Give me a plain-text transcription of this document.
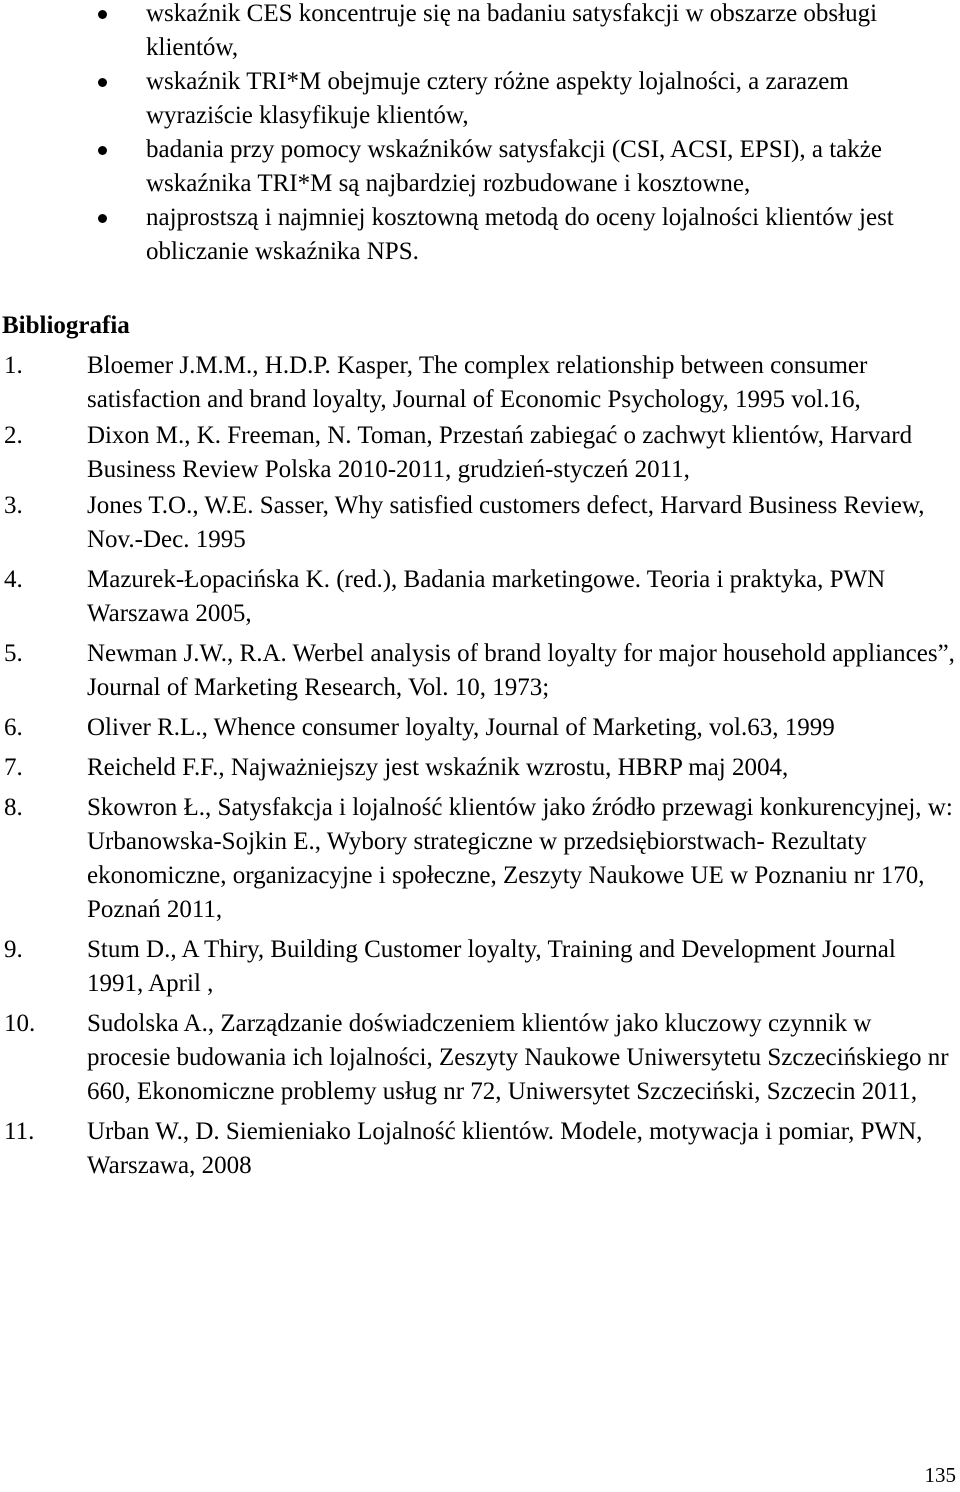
wskaźnik CES koncentruje się na badaniu satysfakcji w obszarze obsługi klientów,
wskaźnik TRI*M obejmuje cztery różne aspekty lojalności, a zarazem wyraziście klasyfikuje klientów,
badania przy pomocy wskaźników satysfakcji (CSI, ACSI, EPSI), a także wskaźnika TRI*M są najbardziej rozbudowane i kosztowne,
najprostszą i najmniej kosztowną metodą do oceny lojalności klientów jest obliczanie wskaźnika NPS.
Bibliografia
1.	Bloemer J.M.M., H.D.P. Kasper, The complex relationship between consumer satisfaction and brand loyalty, Journal of Economic Psychology, 1995 vol.16,
2.	Dixon M., K. Freeman, N. Toman, Przestań zabiegać o zachwyt klientów, Harvard Business Review Polska 2010-2011, grudzień-styczeń 2011,
3.	Jones T.O., W.E. Sasser, Why satisfied customers defect, Harvard Business Review, Nov.-Dec. 1995
4.	Mazurek-Łopacińska K. (red.), Badania marketingowe. Teoria i praktyka, PWN Warszawa 2005,
5.	Newman J.W., R.A. Werbel analysis of brand loyalty for major household appliances”, Journal of Marketing Research, Vol. 10, 1973;
6.	Oliver R.L., Whence consumer loyalty, Journal of Marketing, vol.63, 1999
7.	Reicheld F.F., Najważniejszy jest wskaźnik wzrostu, HBRP maj 2004,
8.	Skowron Ł., Satysfakcja i lojalność klientów jako źródło przewagi konkurencyjnej, w: Urbanowska-Sojkin E., Wybory strategiczne w przedsiębiorstwach- Rezultaty ekonomiczne, organizacyjne i społeczne, Zeszyty Naukowe UE w Poznaniu nr 170, Poznań 2011,
9.	Stum D., A Thiry, Building Customer loyalty, Training and Development Journal 1991, April ,
10. Sudolska A., Zarządzanie doświadczeniem klientów jako kluczowy czynnik w procesie budowania ich lojalności, Zeszyty Naukowe Uniwersytetu Szczecińskiego nr 660, Ekonomiczne problemy usług nr 72, Uniwersytet Szczeciński, Szczecin 2011,
11. Urban W., D. Siemieniako Lojalność klientów. Modele, motywacja i pomiar, PWN, Warszawa, 2008
135
